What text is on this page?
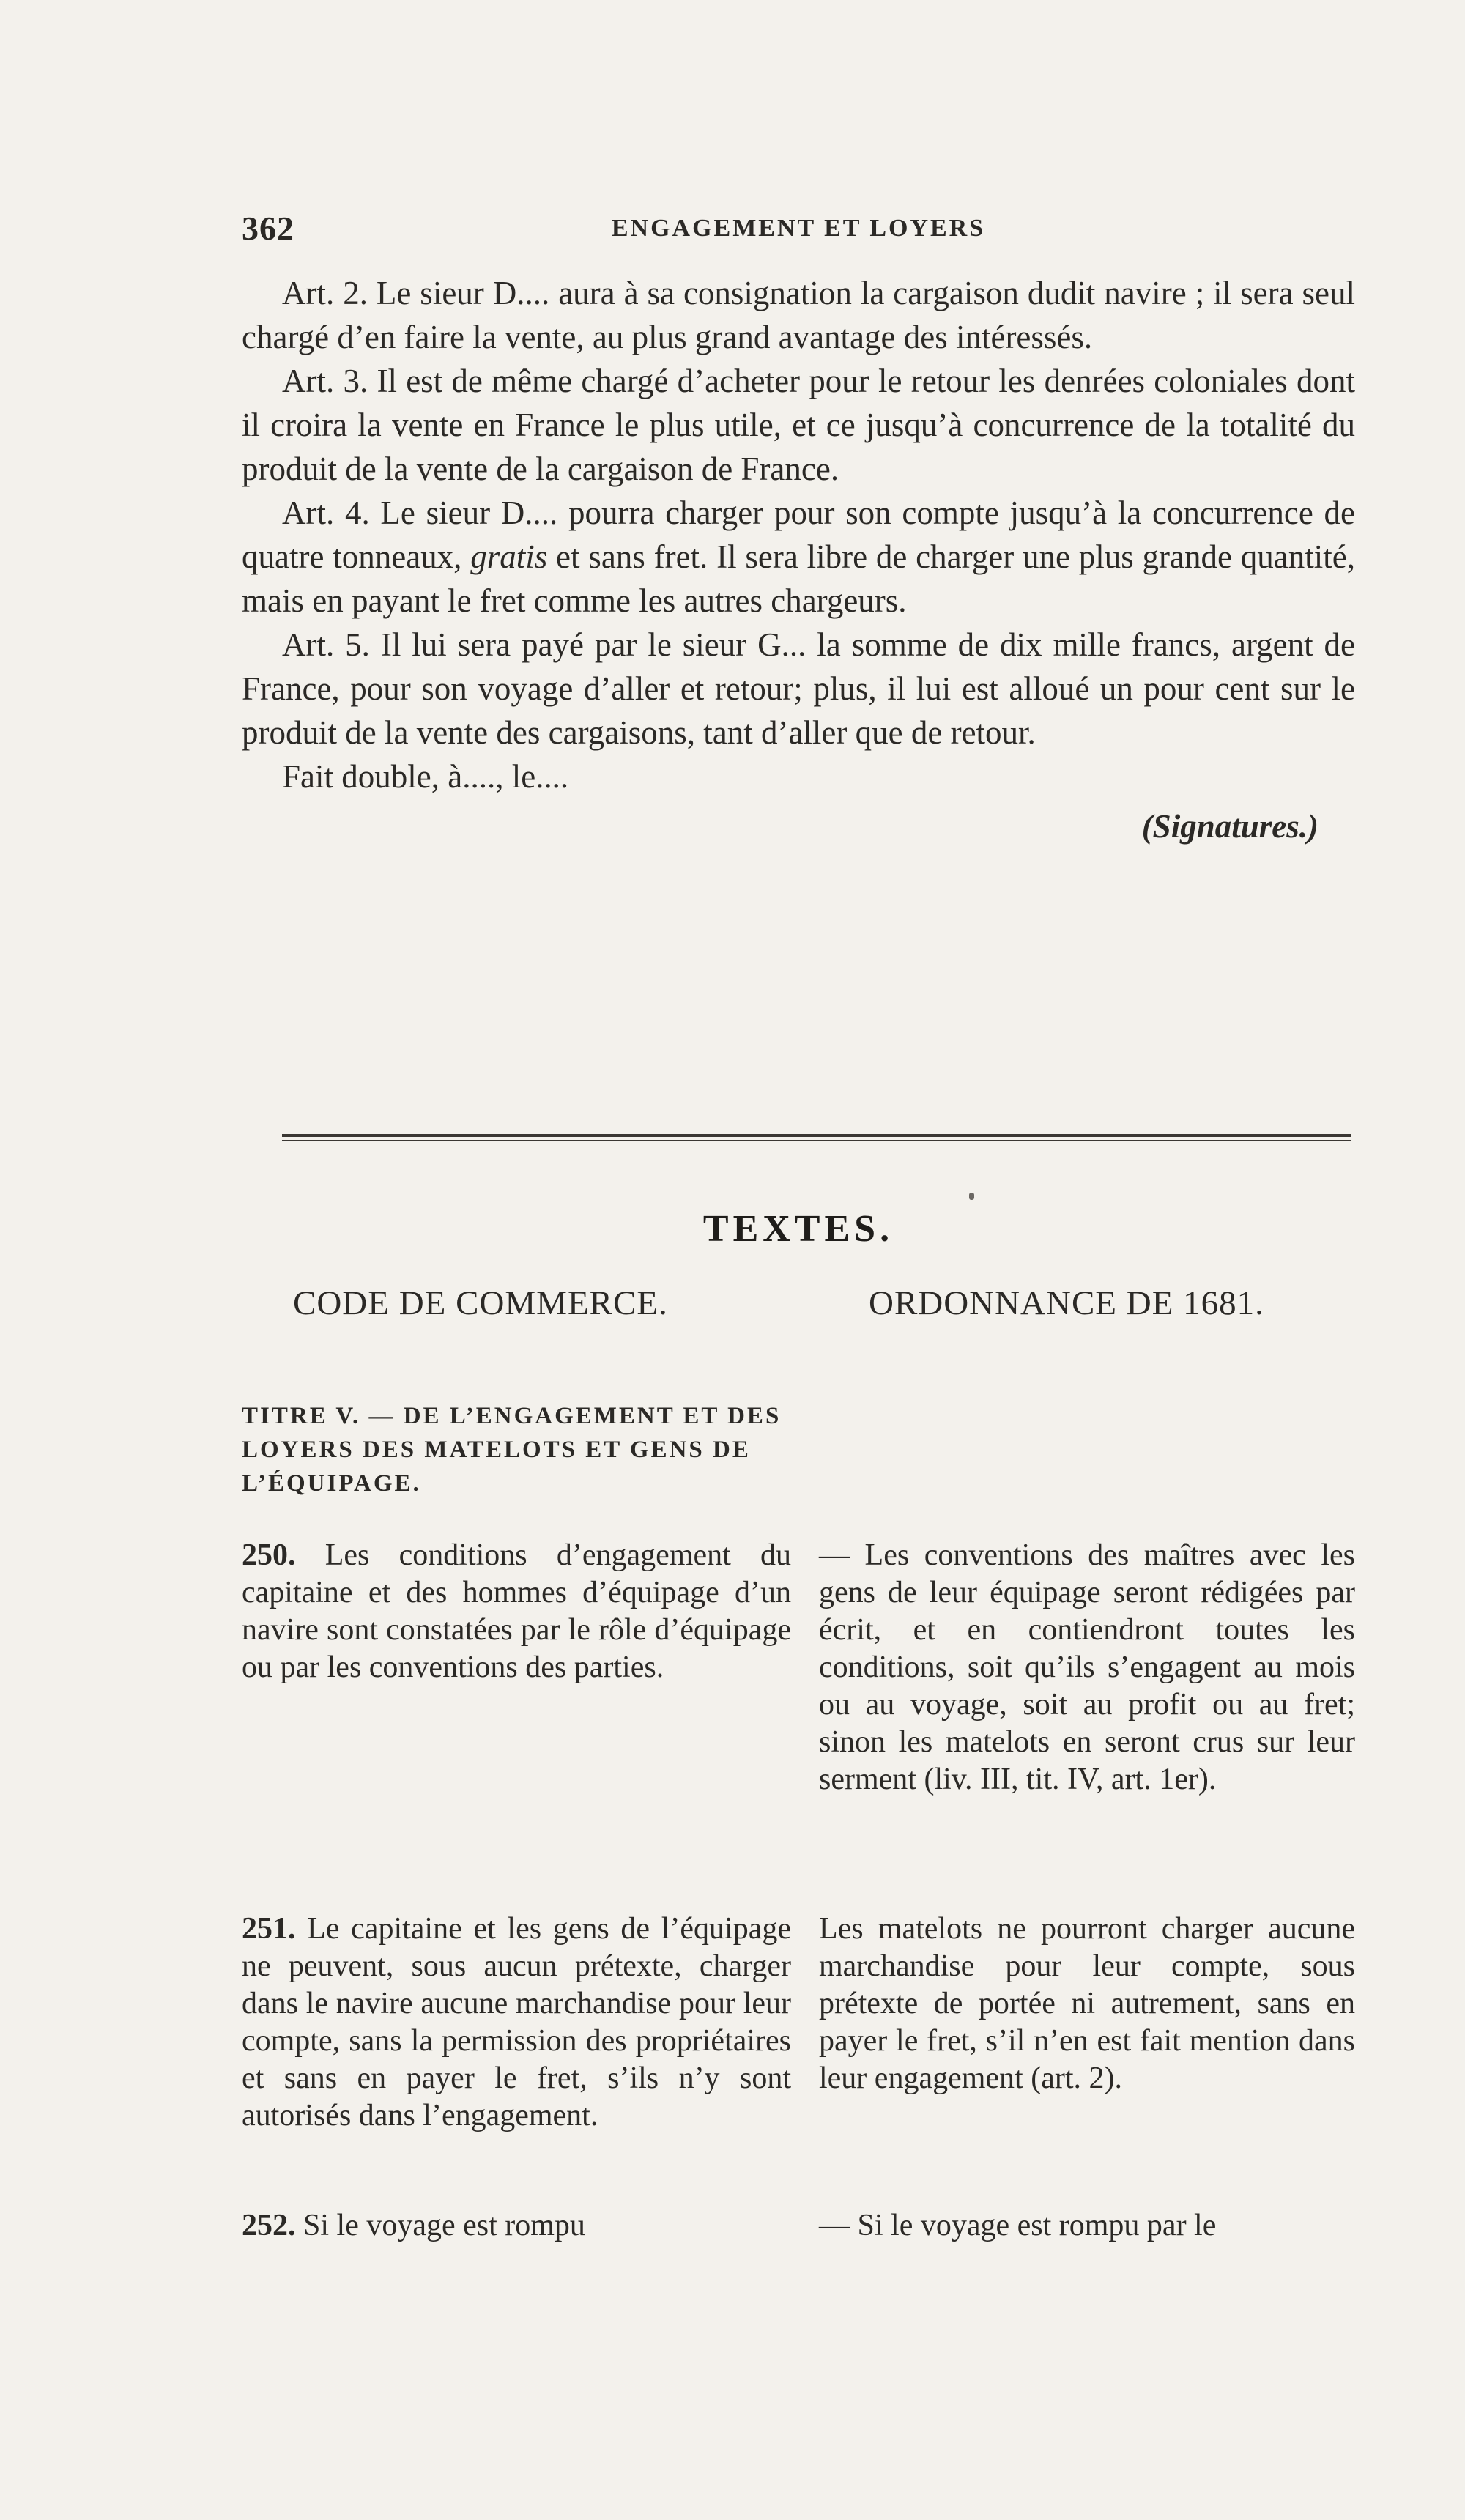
362	ENGAGEMENT ET LOYERS

Art. 2. Le sieur D.... aura à sa consignation la cargaison dudit navire ; il sera seul chargé d’en faire la vente, au plus grand avantage des intéressés.

Art. 3. Il est de même chargé d’acheter pour le retour les denrées coloniales dont il croira la vente en France le plus utile, et ce jusqu’à concurrence de la totalité du produit de la vente de la cargaison de France.

Art. 4. Le sieur D.... pourra charger pour son compte jusqu’à la concurrence de quatre tonneaux, gratis et sans fret. Il sera libre de charger une plus grande quantité, mais en payant le fret comme les autres chargeurs.

Art. 5. Il lui sera payé par le sieur G... la somme de dix mille francs, argent de France, pour son voyage d’aller et retour; plus, il lui est alloué un pour cent sur le produit de la vente des cargaisons, tant d’aller que de retour.

Fait double, à...., le....

(Signatures.)
TEXTES.
CODE DE COMMERCE.	ORDONNANCE DE 1681.
TITRE V. — DE L’ENGAGEMENT ET DES LOYERS DES MATELOTS ET GENS DE L’ÉQUIPAGE.

250. Les conditions d’engagement du capitaine et des hommes d’équipage d’un navire sont constatées par le rôle d’équipage ou par les conventions des parties.

251. Le capitaine et les gens de l’équipage ne peuvent, sous aucun prétexte, charger dans le navire aucune marchandise pour leur compte, sans la permission des propriétaires et sans en payer le fret, s’ils n’y sont autorisés dans l’engagement.

252. Si le voyage est rompu

— Les conventions des maîtres avec les gens de leur équipage seront rédigées par écrit, et en contiendront toutes les conditions, soit qu’ils s’engagent au mois ou au voyage, soit au profit ou au fret; sinon les matelots en seront crus sur leur serment (liv. III, tit. IV, art. 1er).

Les matelots ne pourront charger aucune marchandise pour leur compte, sous prétexte de portée ni autrement, sans en payer le fret, s’il n’en est fait mention dans leur engagement (art. 2).

— Si le voyage est rompu par le
